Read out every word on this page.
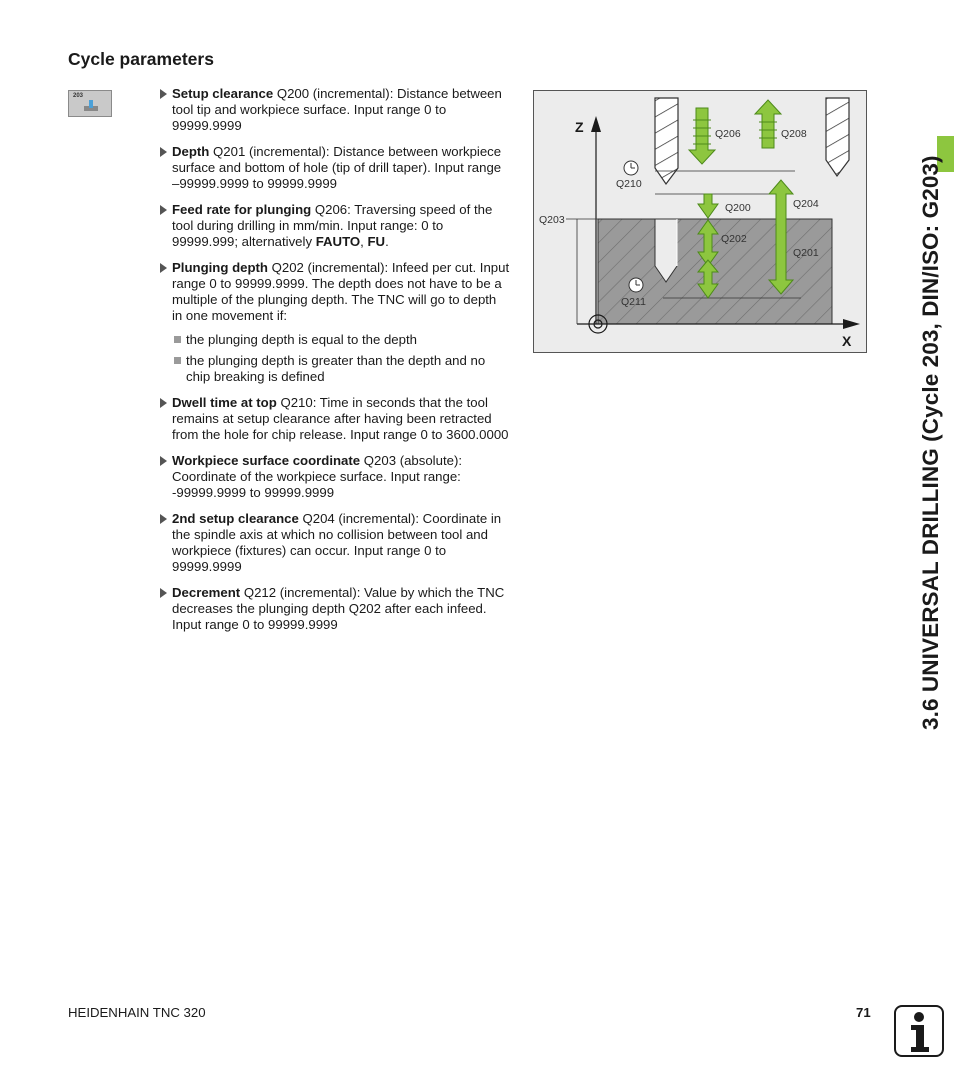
Cycle parameters
203	Setup clearance Q200 (incremental): Distance between tool tip and workpiece surface. Input range 0 to 99999.9999
Depth Q201 (incremental): Distance between workpiece surface and bottom of hole (tip of drill taper). Input range –99999.9999 to 99999.9999
Feed rate for plunging Q206: Traversing speed of the tool during drilling in mm/min. Input range: 0 to 99999.999; alternatively FAUTO, FU.
Plunging depth Q202 (incremental): Infeed per cut. Input range 0 to 99999.9999. The depth does not have to be a multiple of the plunging depth. The TNC will go to depth in one movement if:
the plunging depth is equal to the depth
the plunging depth is greater than the depth and no chip breaking is defined
Dwell time at top Q210: Time in seconds that the tool remains at setup clearance after having been retracted from the hole for chip release. Input range 0 to 3600.0000
Workpiece surface coordinate Q203 (absolute): Coordinate of the workpiece surface. Input range: -99999.9999 to 99999.9999
2nd setup clearance Q204 (incremental): Coordinate in the spindle axis at which no collision between tool and workpiece (fixtures) can occur. Input range 0 to 99999.9999
Decrement Q212 (incremental): Value by which the TNC decreases the plunging depth Q202 after each infeed. Input range 0 to 99999.9999
Z
X
Q203
Q206	Q208
Q210
Q211
Q200
Q202
Q204
Q201	3.6 UNIVERSAL DRILLING (Cycle 203, DIN/ISO: G203)
HEIDENHAIN TNC 320	71
